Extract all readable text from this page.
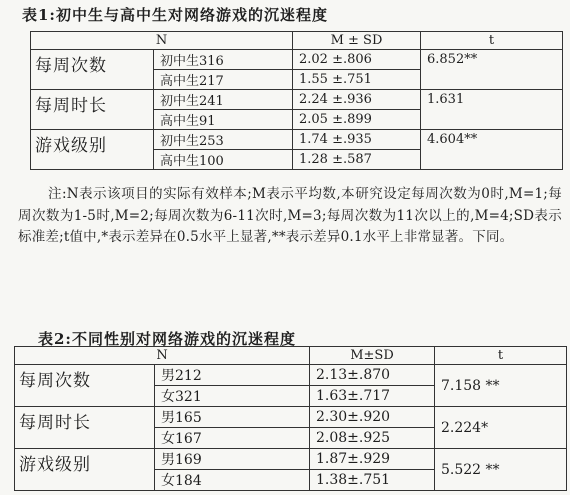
表1:初中生与高中生对网络游戏的沉迷程度
N		M ± SD	t
每周次数	初中生316	2.02 ±.806	6.852**
	高中生217	1.55 ±.751	
每周时长	初中生241	2.24 ±.936	1.631
	高中生91	2.05 ±.899	
游戏级别	初中生253	1.74 ±.935	4.604**
	高中生100	1.28 ±.587	

注:N表示该项目的实际有效样本;M表示平均数,本研究设定每周次数为0时,M=1;每周次数为1-5时,M=2;每周次数为6-11次时,M=3;每周次数为11次以上的,M=4;SD表示标准差;t值中,*表示差异在0.5水平上显著,**表示差异0.1水平上非常显著。下同。

表2:不同性别对网络游戏的沉迷程度
N		M±SD	t
每周次数	男212	2.13±.870	7.158 **
	女321	1.63±.717	
每周时长	男165	2.30±.920	2.224*
	女167	2.08±.925	
游戏级别	男169	1.87±.929	5.522 **
	女184	1.38±.751	
